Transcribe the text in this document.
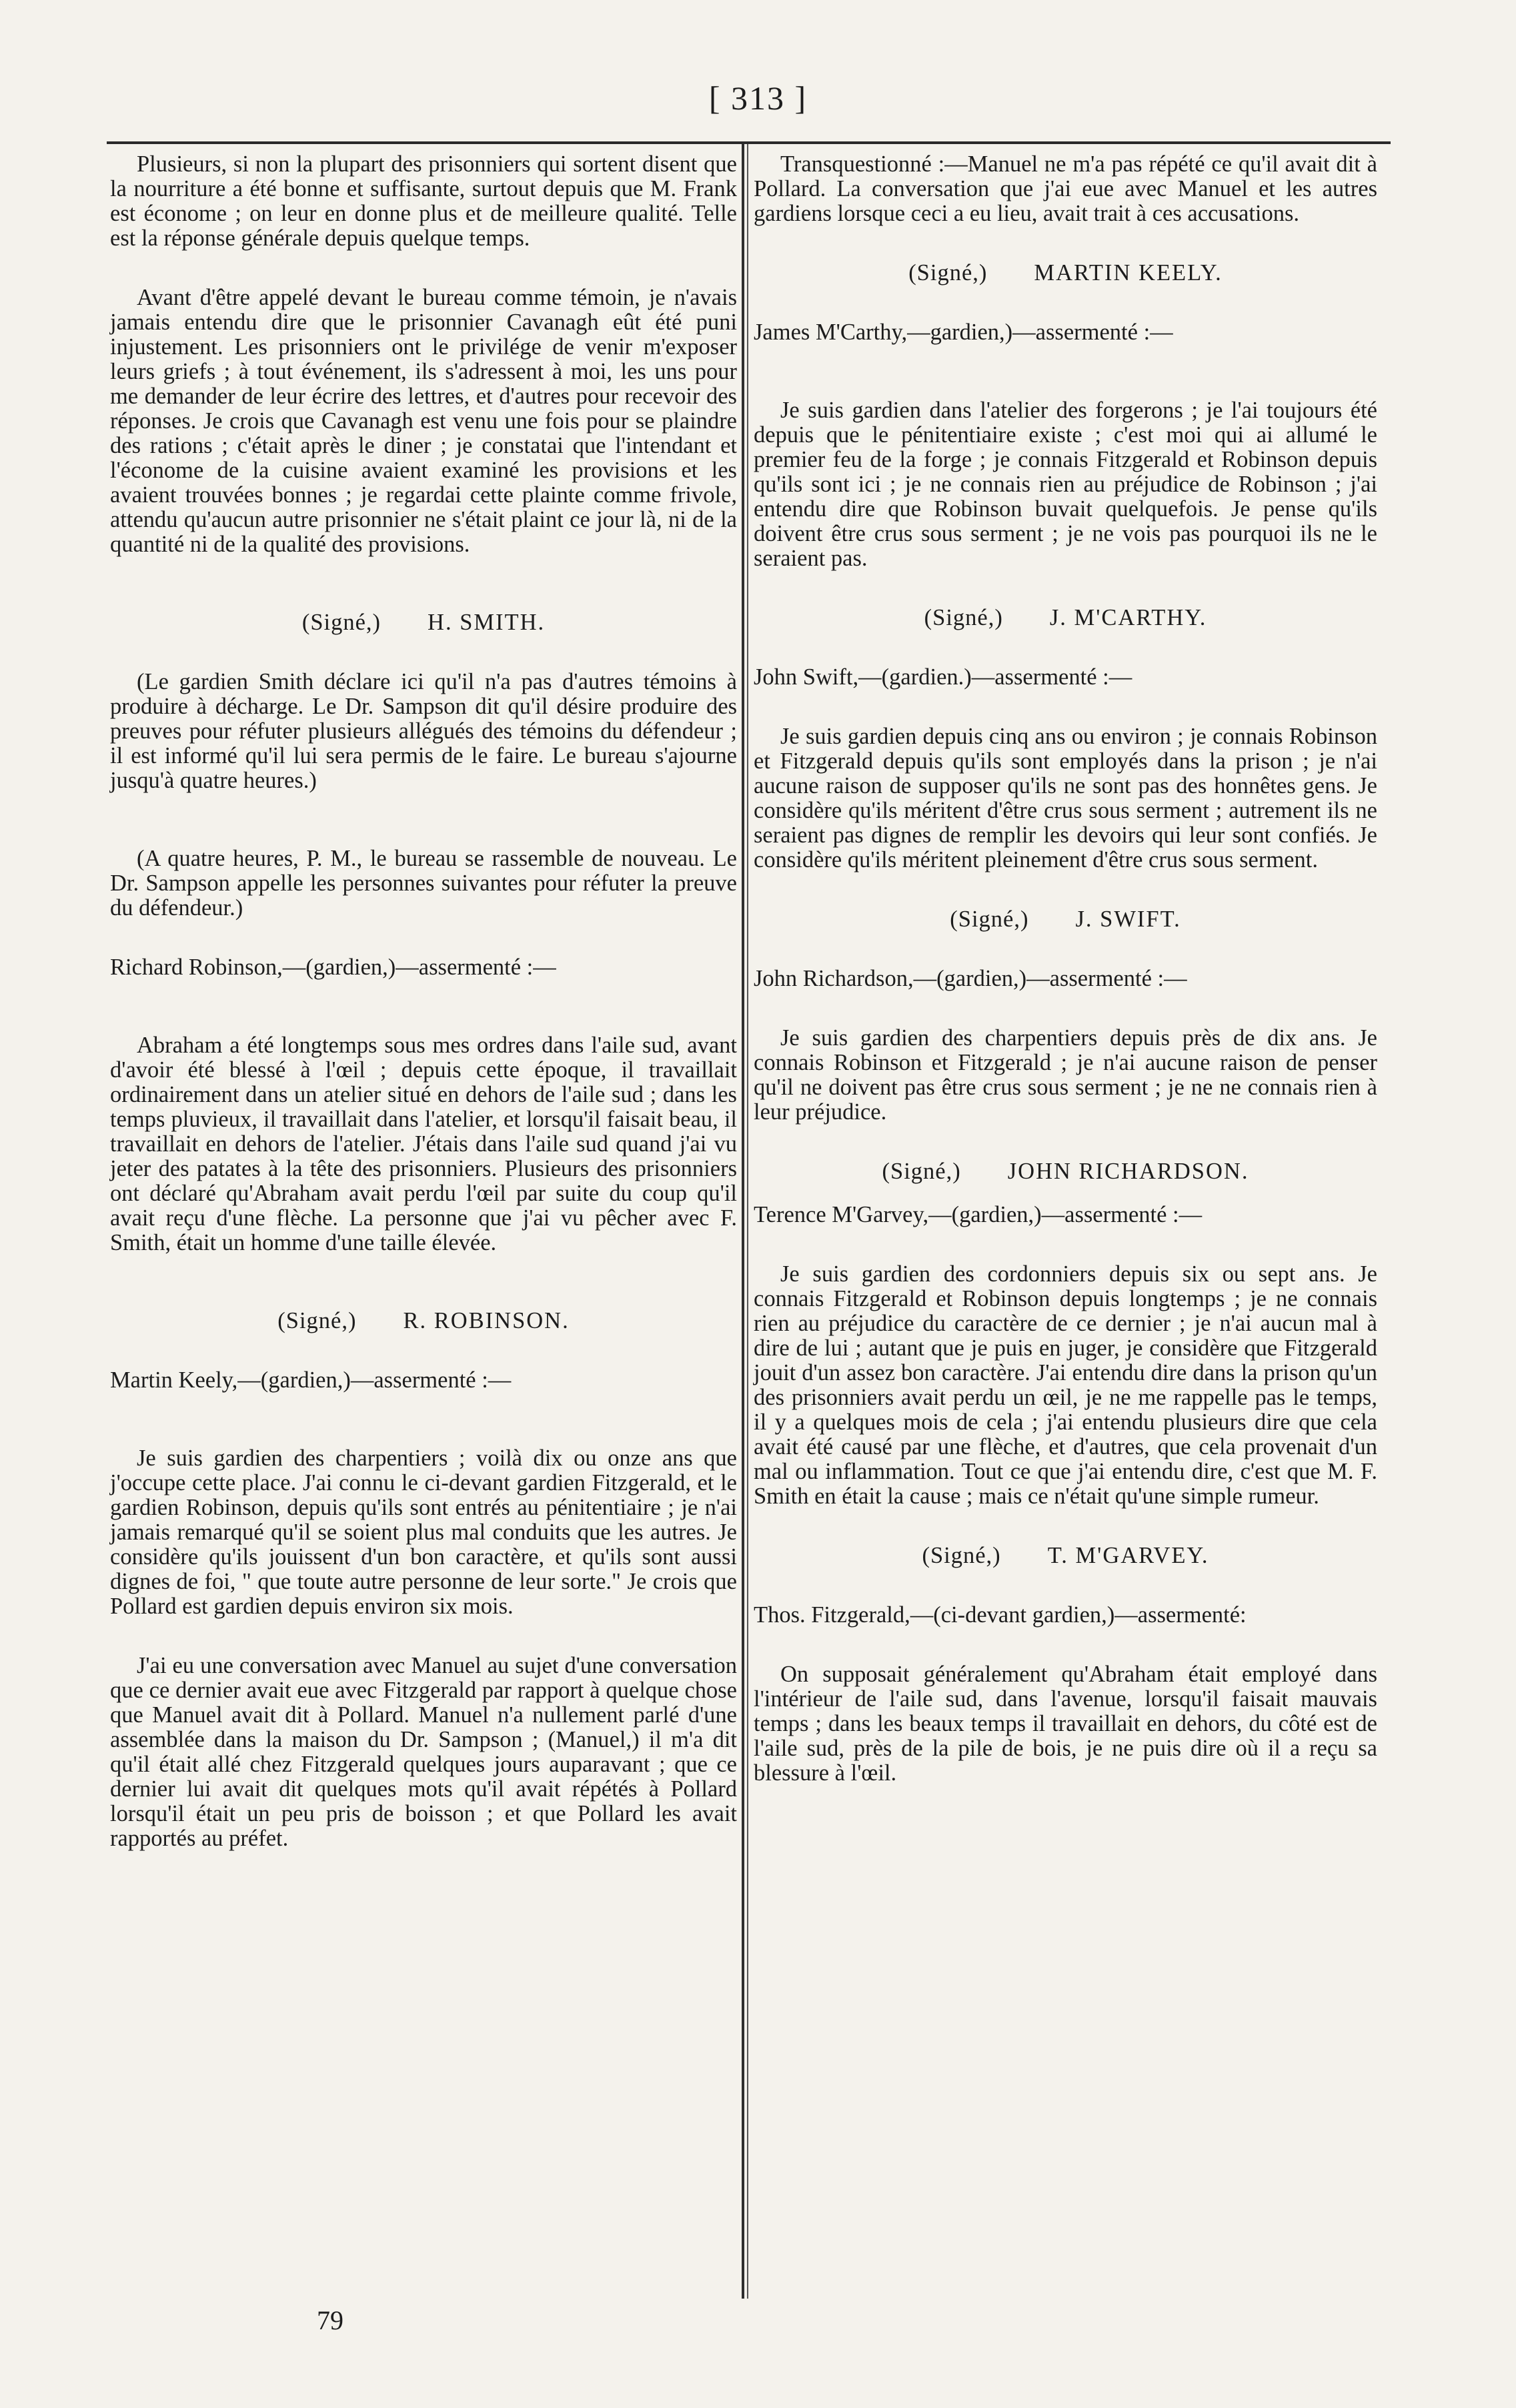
[ 313 ]

Plusieurs, si non la plupart des prisonniers qui sortent disent que la nourriture a été bonne et suffisante, surtout depuis que M. Frank est économe ; on leur en donne plus et de meilleure qualité. Telle est la réponse générale depuis quelque temps.

Avant d'être appelé devant le bureau comme témoin, je n'avais jamais entendu dire que le prisonnier Cavanagh eût été puni injustement. Les prisonniers ont le privilége de venir m'exposer leurs griefs ; à tout événement, ils s'adressent à moi, les uns pour me demander de leur écrire des lettres, et d'autres pour recevoir des réponses. Je crois que Cavanagh est venu une fois pour se plaindre des rations ; c'était après le diner ; je constatai que l'intendant et l'économe de la cuisine avaient examiné les provisions et les avaient trouvées bonnes ; je regardai cette plainte comme frivole, attendu qu'aucun autre prisonnier ne s'était plaint ce jour là, ni de la quantité ni de la qualité des provisions.

(Signé,) H. SMITH.

(Le gardien Smith déclare ici qu'il n'a pas d'autres témoins à produire à décharge. Le Dr. Sampson dit qu'il désire produire des preuves pour réfuter plusieurs allégués des témoins du défendeur ; il est informé qu'il lui sera permis de le faire. Le bureau s'ajourne jusqu'à quatre heures.)

(A quatre heures, P. M., le bureau se rassemble de nouveau. Le Dr. Sampson appelle les personnes suivantes pour réfuter la preuve du défendeur.)

Richard Robinson,—(gardien,)—assermenté :—

Abraham a été longtemps sous mes ordres dans l'aile sud, avant d'avoir été blessé à l'œil ; depuis cette époque, il travaillait ordinairement dans un atelier situé en dehors de l'aile sud ; dans les temps pluvieux, il travaillait dans l'atelier, et lorsqu'il faisait beau, il travaillait en dehors de l'atelier. J'étais dans l'aile sud quand j'ai vu jeter des patates à la tête des prisonniers. Plusieurs des prisonniers ont déclaré qu'Abraham avait perdu l'œil par suite du coup qu'il avait reçu d'une flèche. La personne que j'ai vu pêcher avec F. Smith, était un homme d'une taille élevée.

(Signé,) R. ROBINSON.

Martin Keely,—(gardien,)—assermenté :—

Je suis gardien des charpentiers ; voilà dix ou onze ans que j'occupe cette place. J'ai connu le ci-devant gardien Fitzgerald, et le gardien Robinson, depuis qu'ils sont entrés au pénitentiaire ; je n'ai jamais remarqué qu'il se soient plus mal conduits que les autres. Je considère qu'ils jouissent d'un bon caractère, et qu'ils sont aussi dignes de foi, " que toute autre personne de leur sorte." Je crois que Pollard est gardien depuis environ six mois.

J'ai eu une conversation avec Manuel au sujet d'une conversation que ce dernier avait eue avec Fitzgerald par rapport à quelque chose que Manuel avait dit à Pollard. Manuel n'a nullement parlé d'une assemblée dans la maison du Dr. Sampson ; (Manuel,) il m'a dit qu'il était allé chez Fitzgerald quelques jours auparavant ; que ce dernier lui avait dit quelques mots qu'il avait répétés à Pollard lorsqu'il était un peu pris de boisson ; et que Pollard les avait rapportés au préfet.

Transquestionné :—Manuel ne m'a pas répété ce qu'il avait dit à Pollard. La conversation que j'ai eue avec Manuel et les autres gardiens lorsque ceci a eu lieu, avait trait à ces accusations.

(Signé,) MARTIN KEELY.

James M'Carthy,—gardien,)—assermenté :—

Je suis gardien dans l'atelier des forgerons ; je l'ai toujours été depuis que le pénitentiaire existe ; c'est moi qui ai allumé le premier feu de la forge ; je connais Fitzgerald et Robinson depuis qu'ils sont ici ; je ne connais rien au préjudice de Robinson ; j'ai entendu dire que Robinson buvait quelquefois. Je pense qu'ils doivent être crus sous serment ; je ne vois pas pourquoi ils ne le seraient pas.

(Signé,) J. M'CARTHY.

John Swift,—(gardien.)—assermenté :—

Je suis gardien depuis cinq ans ou environ ; je connais Robinson et Fitzgerald depuis qu'ils sont employés dans la prison ; je n'ai aucune raison de supposer qu'ils ne sont pas des honnêtes gens. Je considère qu'ils méritent d'être crus sous serment ; autrement ils ne seraient pas dignes de remplir les devoirs qui leur sont confiés. Je considère qu'ils méritent pleinement d'être crus sous serment.

(Signé,) J. SWIFT.

John Richardson,—(gardien,)—assermenté :—

Je suis gardien des charpentiers depuis près de dix ans. Je connais Robinson et Fitzgerald ; je n'ai aucune raison de penser qu'il ne doivent pas être crus sous serment ; je ne ne connais rien à leur préjudice.

(Signé,) JOHN RICHARDSON.

Terence M'Garvey,—(gardien,)—assermenté :—

Je suis gardien des cordonniers depuis six ou sept ans. Je connais Fitzgerald et Robinson depuis longtemps ; je ne connais rien au préjudice du caractère de ce dernier ; je n'ai aucun mal à dire de lui ; autant que je puis en juger, je considère que Fitzgerald jouit d'un assez bon caractère. J'ai entendu dire dans la prison qu'un des prisonniers avait perdu un œil, je ne me rappelle pas le temps, il y a quelques mois de cela ; j'ai entendu plusieurs dire que cela avait été causé par une flèche, et d'autres, que cela provenait d'un mal ou inflammation. Tout ce que j'ai entendu dire, c'est que M. F. Smith en était la cause ; mais ce n'était qu'une simple rumeur.

(Signé,) T. M'GARVEY.

Thos. Fitzgerald,—(ci-devant gardien,)—assermenté:

On supposait généralement qu'Abraham était employé dans l'intérieur de l'aile sud, dans l'avenue, lorsqu'il faisait mauvais temps ; dans les beaux temps il travaillait en dehors, du côté est de l'aile sud, près de la pile de bois, je ne puis dire où il a reçu sa blessure à l'œil.

79
